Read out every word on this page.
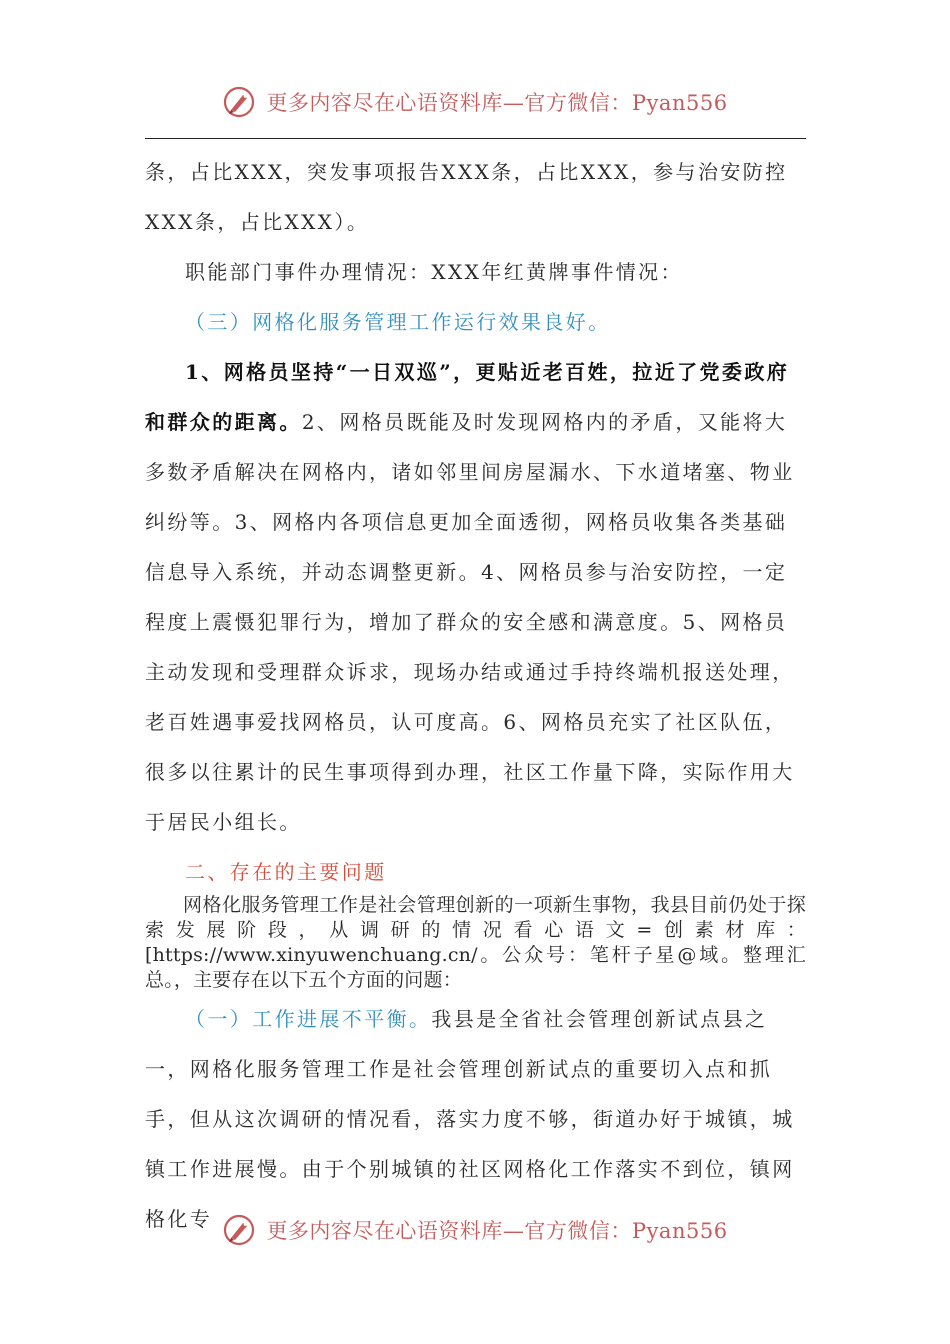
更多内容尽在心语资料库—官方微信：Pyan556

条，占比XXX，突发事项报告XXX条，占比XXX，参与治安防控XXX条，占比XXX）。

职能部门事件办理情况：XXX年红黄牌事件情况：

（三）网格化服务管理工作运行效果良好。

1、网格员坚持“一日双巡”，更贴近老百姓，拉近了党委政府和群众的距离。2、网格员既能及时发现网格内的矛盾，又能将大多数矛盾解决在网格内，诸如邻里间房屋漏水、下水道堵塞、物业纠纷等。3、网格内各项信息更加全面透彻，网格员收集各类基础信息导入系统，并动态调整更新。4、网格员参与治安防控，一定程度上震慑犯罪行为，增加了群众的安全感和满意度。5、网格员主动发现和受理群众诉求，现场办结或通过手持终端机报送处理，老百姓遇事爱找网格员，认可度高。6、网格员充实了社区队伍，很多以往累计的民生事项得到办理，社区工作量下降，实际作用大于居民小组长。

二、存在的主要问题

网格化服务管理工作是社会管理创新的一项新生事物，我县目前仍处于探索发展阶段，从调研的情况看心语文=创素材库：[https://www.xinyuwenchuang.cn/。公众号：笔杆子星@域。整理汇总。，主要存在以下五个方面的问题：

（一）工作进展不平衡。我县是全省社会管理创新试点县之一，网格化服务管理工作是社会管理创新试点的重要切入点和抓手，但从这次调研的情况看，落实力度不够，街道办好于城镇，城镇工作进展慢。由于个别城镇的社区网格化工作落实不到位，镇网格化专	更多内容尽在心语资料库—官方微信：Pyan556
